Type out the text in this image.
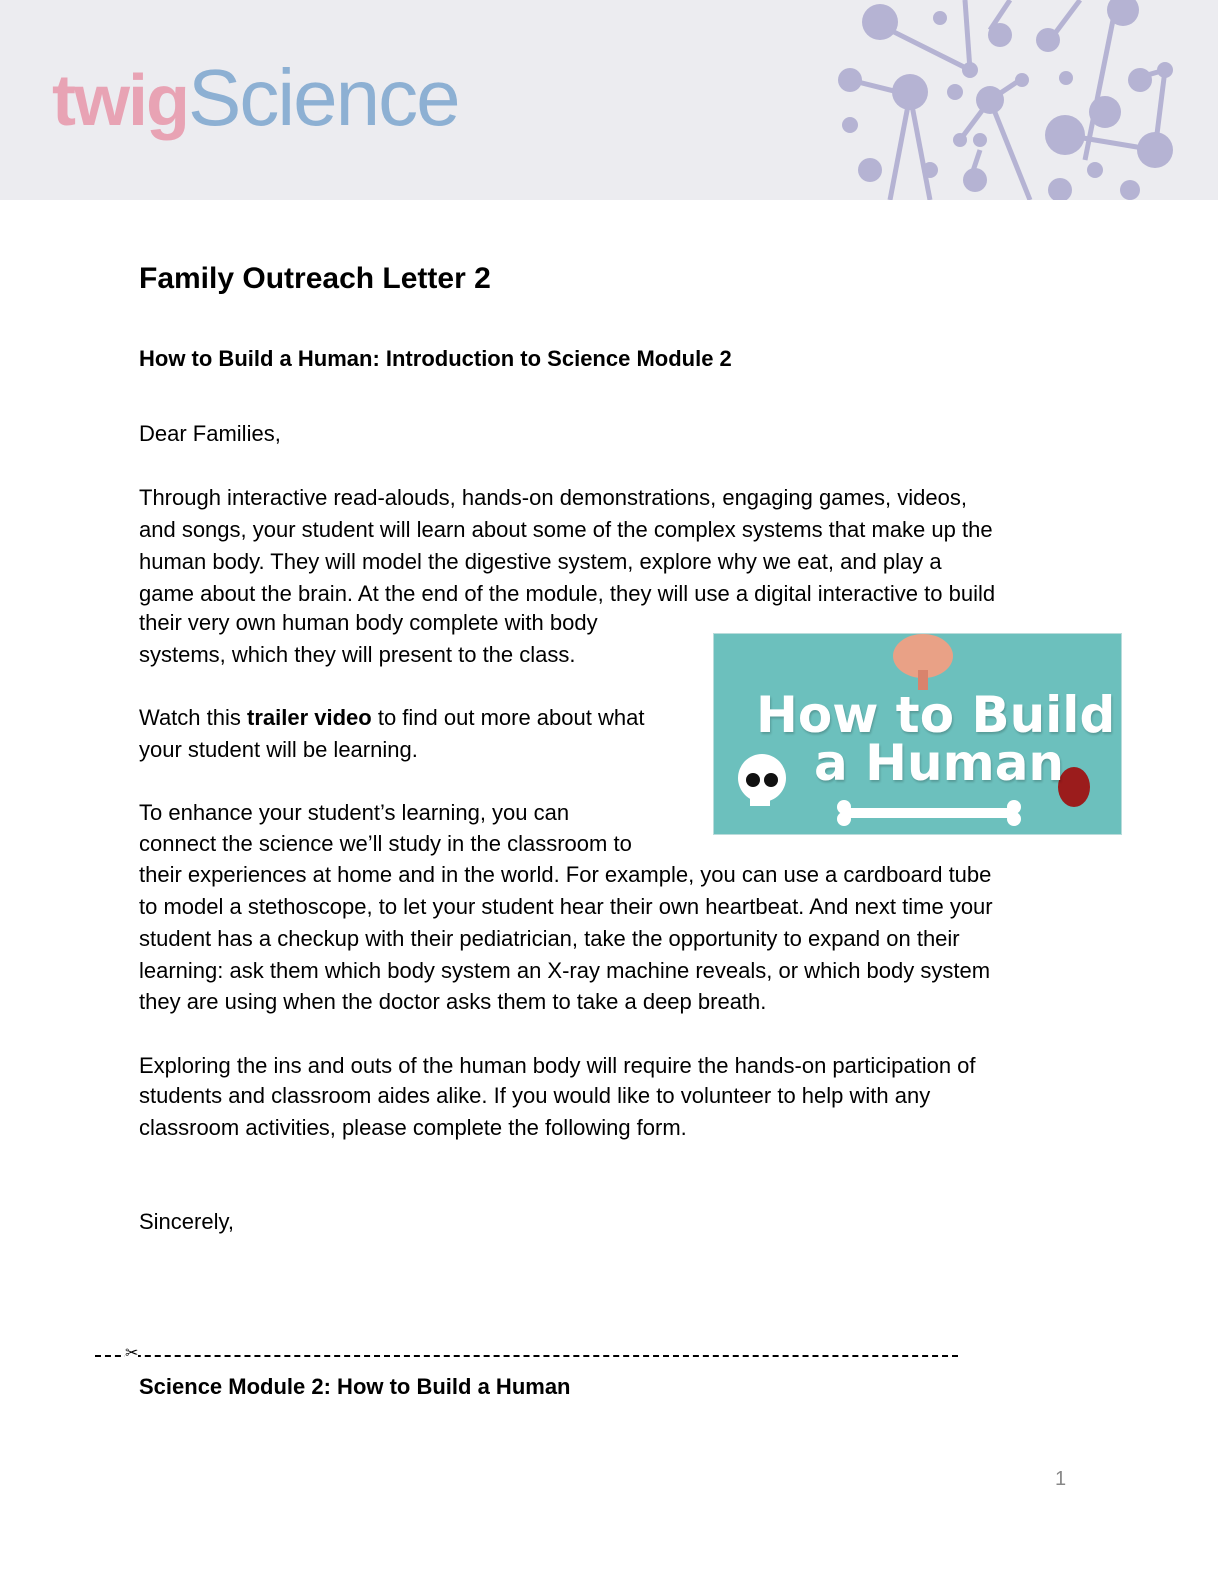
twigScience
Family Outreach Letter 2
How to Build a Human: Introduction to Science Module 2
Dear Families,
Through interactive read-alouds, hands-on demonstrations, engaging games, videos,
and songs, your student will learn about some of the complex systems that make up the
human body. They will model the digestive system, explore why we eat, and play a
game about the brain. At the end of the module, they will use a digital interactive to build
their very own human body complete with body
systems, which they will present to the class.
Watch this trailer video to find out more about what
your student will be learning.
To enhance your student’s learning, you can
connect the science we’ll study in the classroom to
their experiences at home and in the world. For example, you can use a cardboard tube
to model a stethoscope, to let your student hear their own heartbeat. And next time your
student has a checkup with their pediatrician, take the opportunity to expand on their
learning: ask them which body system an X-ray machine reveals, or which body system
they are using when the doctor asks them to take a deep breath.
Exploring the ins and outs of the human body will require the hands-on participation of
students and classroom aides alike. If you would like to volunteer to help with any
classroom activities, please complete the following form.
Sincerely,
How to Build
a Human
✂
Science Module 2: How to Build a Human
1
